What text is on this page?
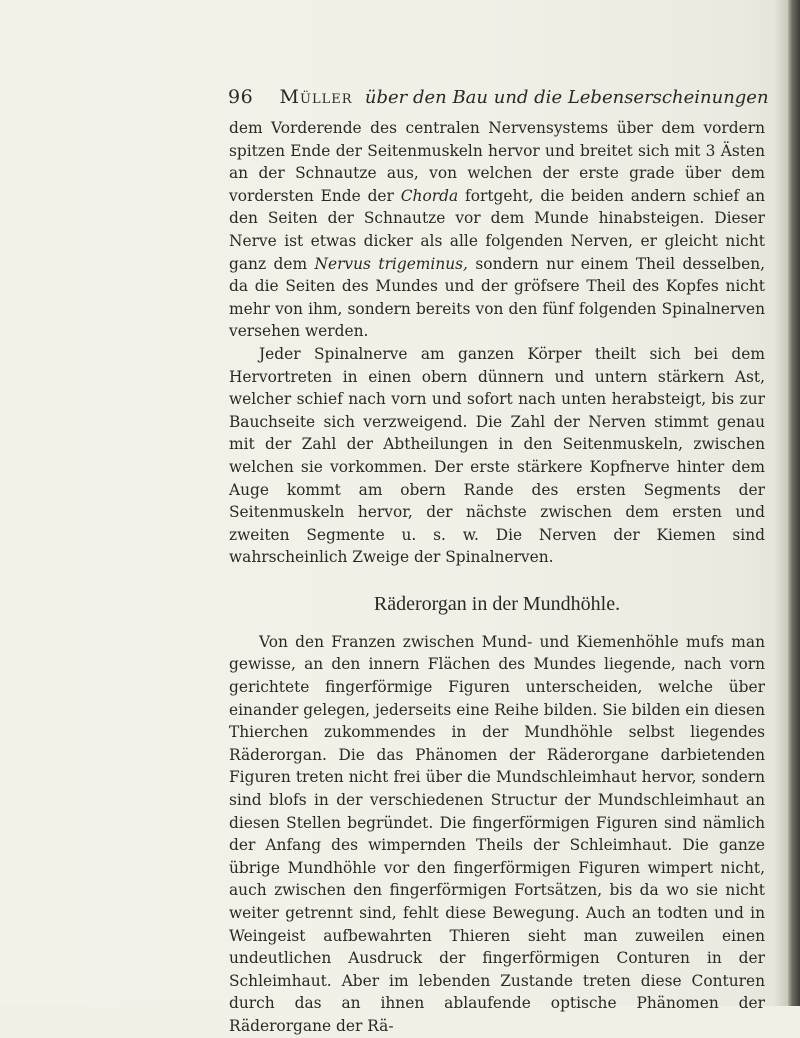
96 Müller über den Bau und die Lebenserscheinungen

dem Vorderende des centralen Nervensystems über dem vordern spitzen Ende der Seitenmuskeln hervor und breitet sich mit 3 Ästen an der Schnautze aus, von welchen der erste grade über dem vordersten Ende der Chorda fortgeht, die beiden andern schief an den Seiten der Schnautze vor dem Munde hinabsteigen. Dieser Nerve ist etwas dicker als alle folgenden Nerven, er gleicht nicht ganz dem Nervus trigeminus, sondern nur einem Theil desselben, da die Seiten des Mundes und der gröfsere Theil des Kopfes nicht mehr von ihm, sondern bereits von den fünf folgenden Spinalnerven versehen werden.

Jeder Spinalnerve am ganzen Körper theilt sich bei dem Hervortreten in einen obern dünnern und untern stärkern Ast, welcher schief nach vorn und sofort nach unten herabsteigt, bis zur Bauchseite sich verzweigend. Die Zahl der Nerven stimmt genau mit der Zahl der Abtheilungen in den Seitenmuskeln, zwischen welchen sie vorkommen. Der erste stärkere Kopfnerve hinter dem Auge kommt am obern Rande des ersten Segments der Seitenmuskeln hervor, der nächste zwischen dem ersten und zweiten Segmente u. s. w. Die Nerven der Kiemen sind wahrscheinlich Zweige der Spinalnerven.

Räderorgan in der Mundhöhle.

Von den Franzen zwischen Mund- und Kiemenhöhle mufs man gewisse, an den innern Flächen des Mundes liegende, nach vorn gerichtete fingerförmige Figuren unterscheiden, welche über einander gelegen, jederseits eine Reihe bilden. Sie bilden ein diesen Thierchen zukommendes in der Mundhöhle selbst liegendes Räderorgan. Die das Phänomen der Räderorgane darbietenden Figuren treten nicht frei über die Mundschleimhaut hervor, sondern sind blofs in der verschiedenen Structur der Mundschleimhaut an diesen Stellen begründet. Die fingerförmigen Figuren sind nämlich der Anfang des wimpernden Theils der Schleimhaut. Die ganze übrige Mundhöhle vor den fingerförmigen Figuren wimpert nicht, auch zwischen den fingerförmigen Fortsätzen, bis da wo sie nicht weiter getrennt sind, fehlt diese Bewegung. Auch an todten und in Weingeist aufbewahrten Thieren sieht man zuweilen einen undeutlichen Ausdruck der fingerförmigen Conturen in der Schleimhaut. Aber im lebenden Zustande treten diese Conturen durch das an ihnen ablaufende optische Phänomen der Räderorgane der Rä-
